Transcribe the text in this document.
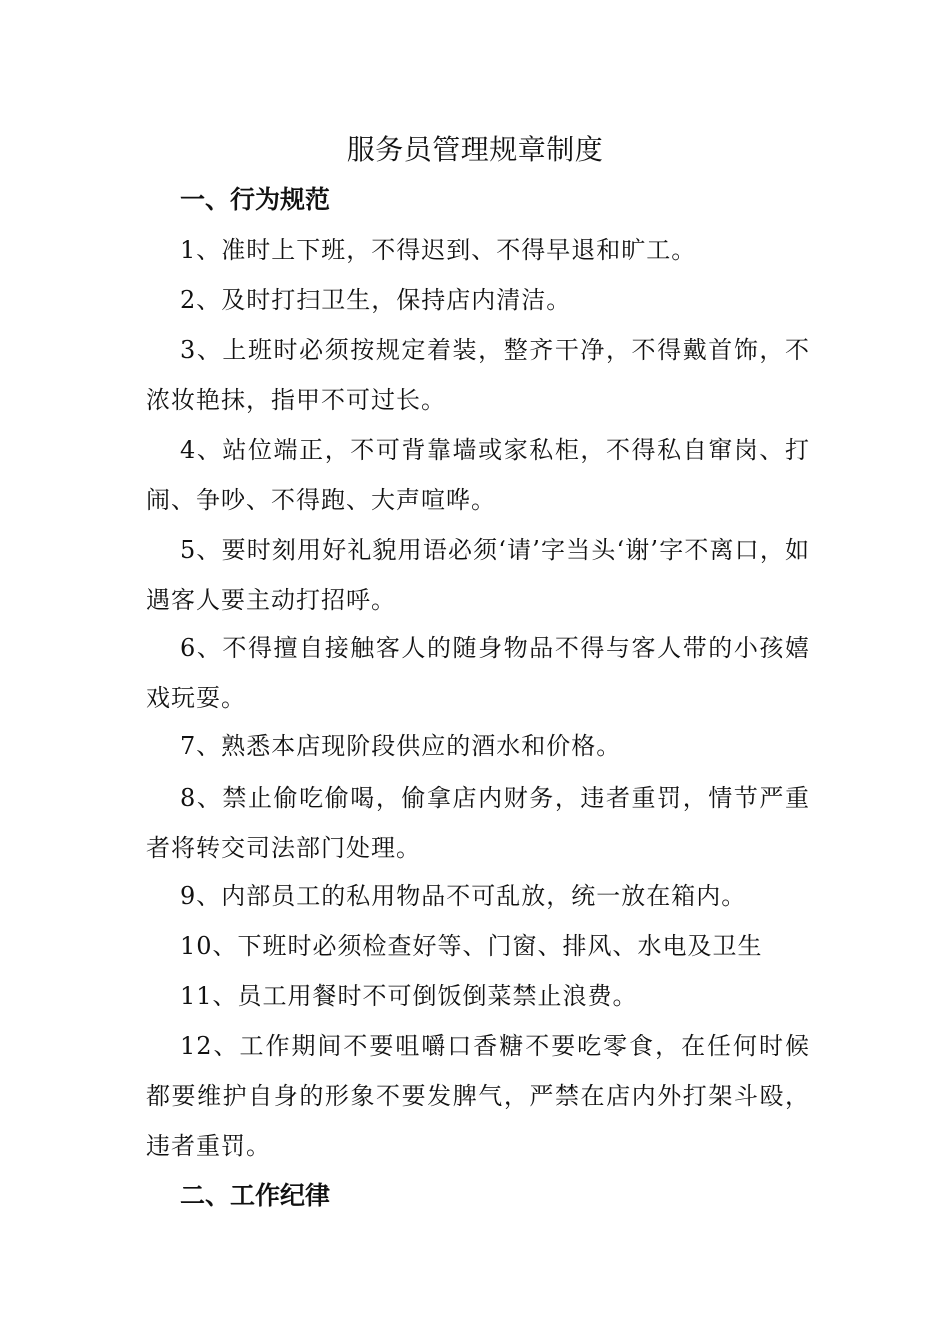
服务员管理规章制度
一、行为规范

1、准时上下班，不得迟到、不得早退和旷工。

2、及时打扫卫生，保持店内清洁。

3、上班时必须按规定着装，整齐干净，不得戴首饰，不浓妆艳抹，指甲不可过长。

4、站位端正，不可背靠墙或家私柜，不得私自窜岗、打闹、争吵、不得跑、大声喧哗。

5、要时刻用好礼貌用语必须‘请’字当头‘谢’字不离口，如遇客人要主动打招呼。

6、不得擅自接触客人的随身物品不得与客人带的小孩嬉戏玩耍。

7、熟悉本店现阶段供应的酒水和价格。

8、禁止偷吃偷喝，偷拿店内财务，违者重罚，情节严重者将转交司法部门处理。

9、内部员工的私用物品不可乱放，统一放在箱内。

10、下班时必须检查好等、门窗、排风、水电及卫生

11、员工用餐时不可倒饭倒菜禁止浪费。

12、工作期间不要咀嚼口香糖不要吃零食，在任何时候都要维护自身的形象不要发脾气，严禁在店内外打架斗殴，违者重罚。

二、工作纪律
